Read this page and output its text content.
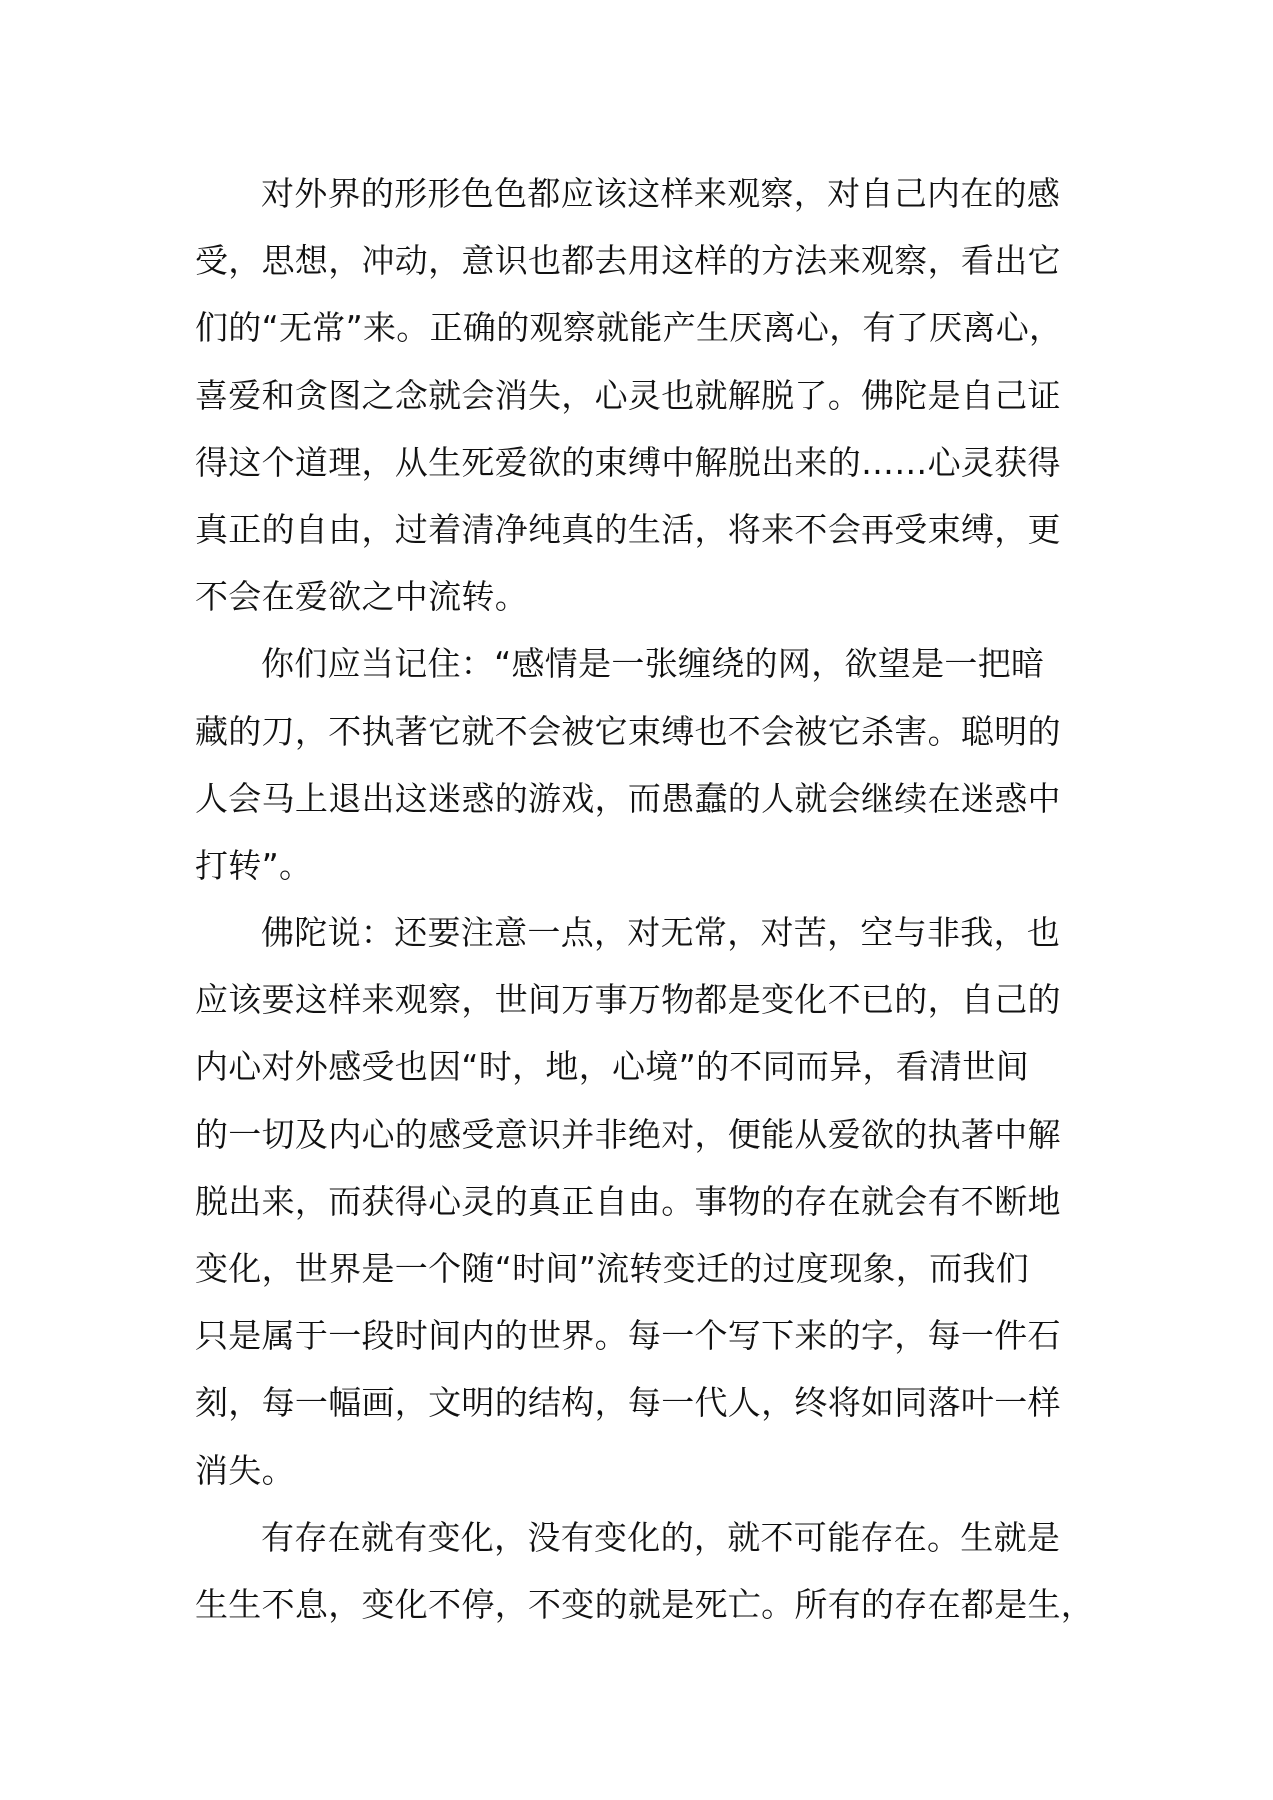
对外界的形形色色都应该这样来观察，对自己内在的感
受，思想，冲动，意识也都去用这样的方法来观察，看出它
们的“无常”来。正确的观察就能产生厌离心，有了厌离心，
喜爱和贪图之念就会消失，心灵也就解脱了。佛陀是自己证
得这个道理，从生死爱欲的束缚中解脱出来的……心灵获得
真正的自由，过着清净纯真的生活，将来不会再受束缚，更
不会在爱欲之中流转。

你们应当记住：“感情是一张缠绕的网，欲望是一把暗
藏的刀，不执著它就不会被它束缚也不会被它杀害。聪明的
人会马上退出这迷惑的游戏，而愚蠢的人就会继续在迷惑中
打转”。

佛陀说：还要注意一点，对无常，对苦，空与非我，也
应该要这样来观察，世间万事万物都是变化不已的，自己的
内心对外感受也因“时，地，心境”的不同而异，看清世间
的一切及内心的感受意识并非绝对，便能从爱欲的执著中解
脱出来，而获得心灵的真正自由。事物的存在就会有不断地
变化，世界是一个随“时间”流转变迁的过度现象，而我们
只是属于一段时间内的世界。每一个写下来的字，每一件石
刻，每一幅画，文明的结构，每一代人，终将如同落叶一样
消失。

有存在就有变化，没有变化的，就不可能存在。生就是
生生不息，变化不停，不变的就是死亡。所有的存在都是生，
